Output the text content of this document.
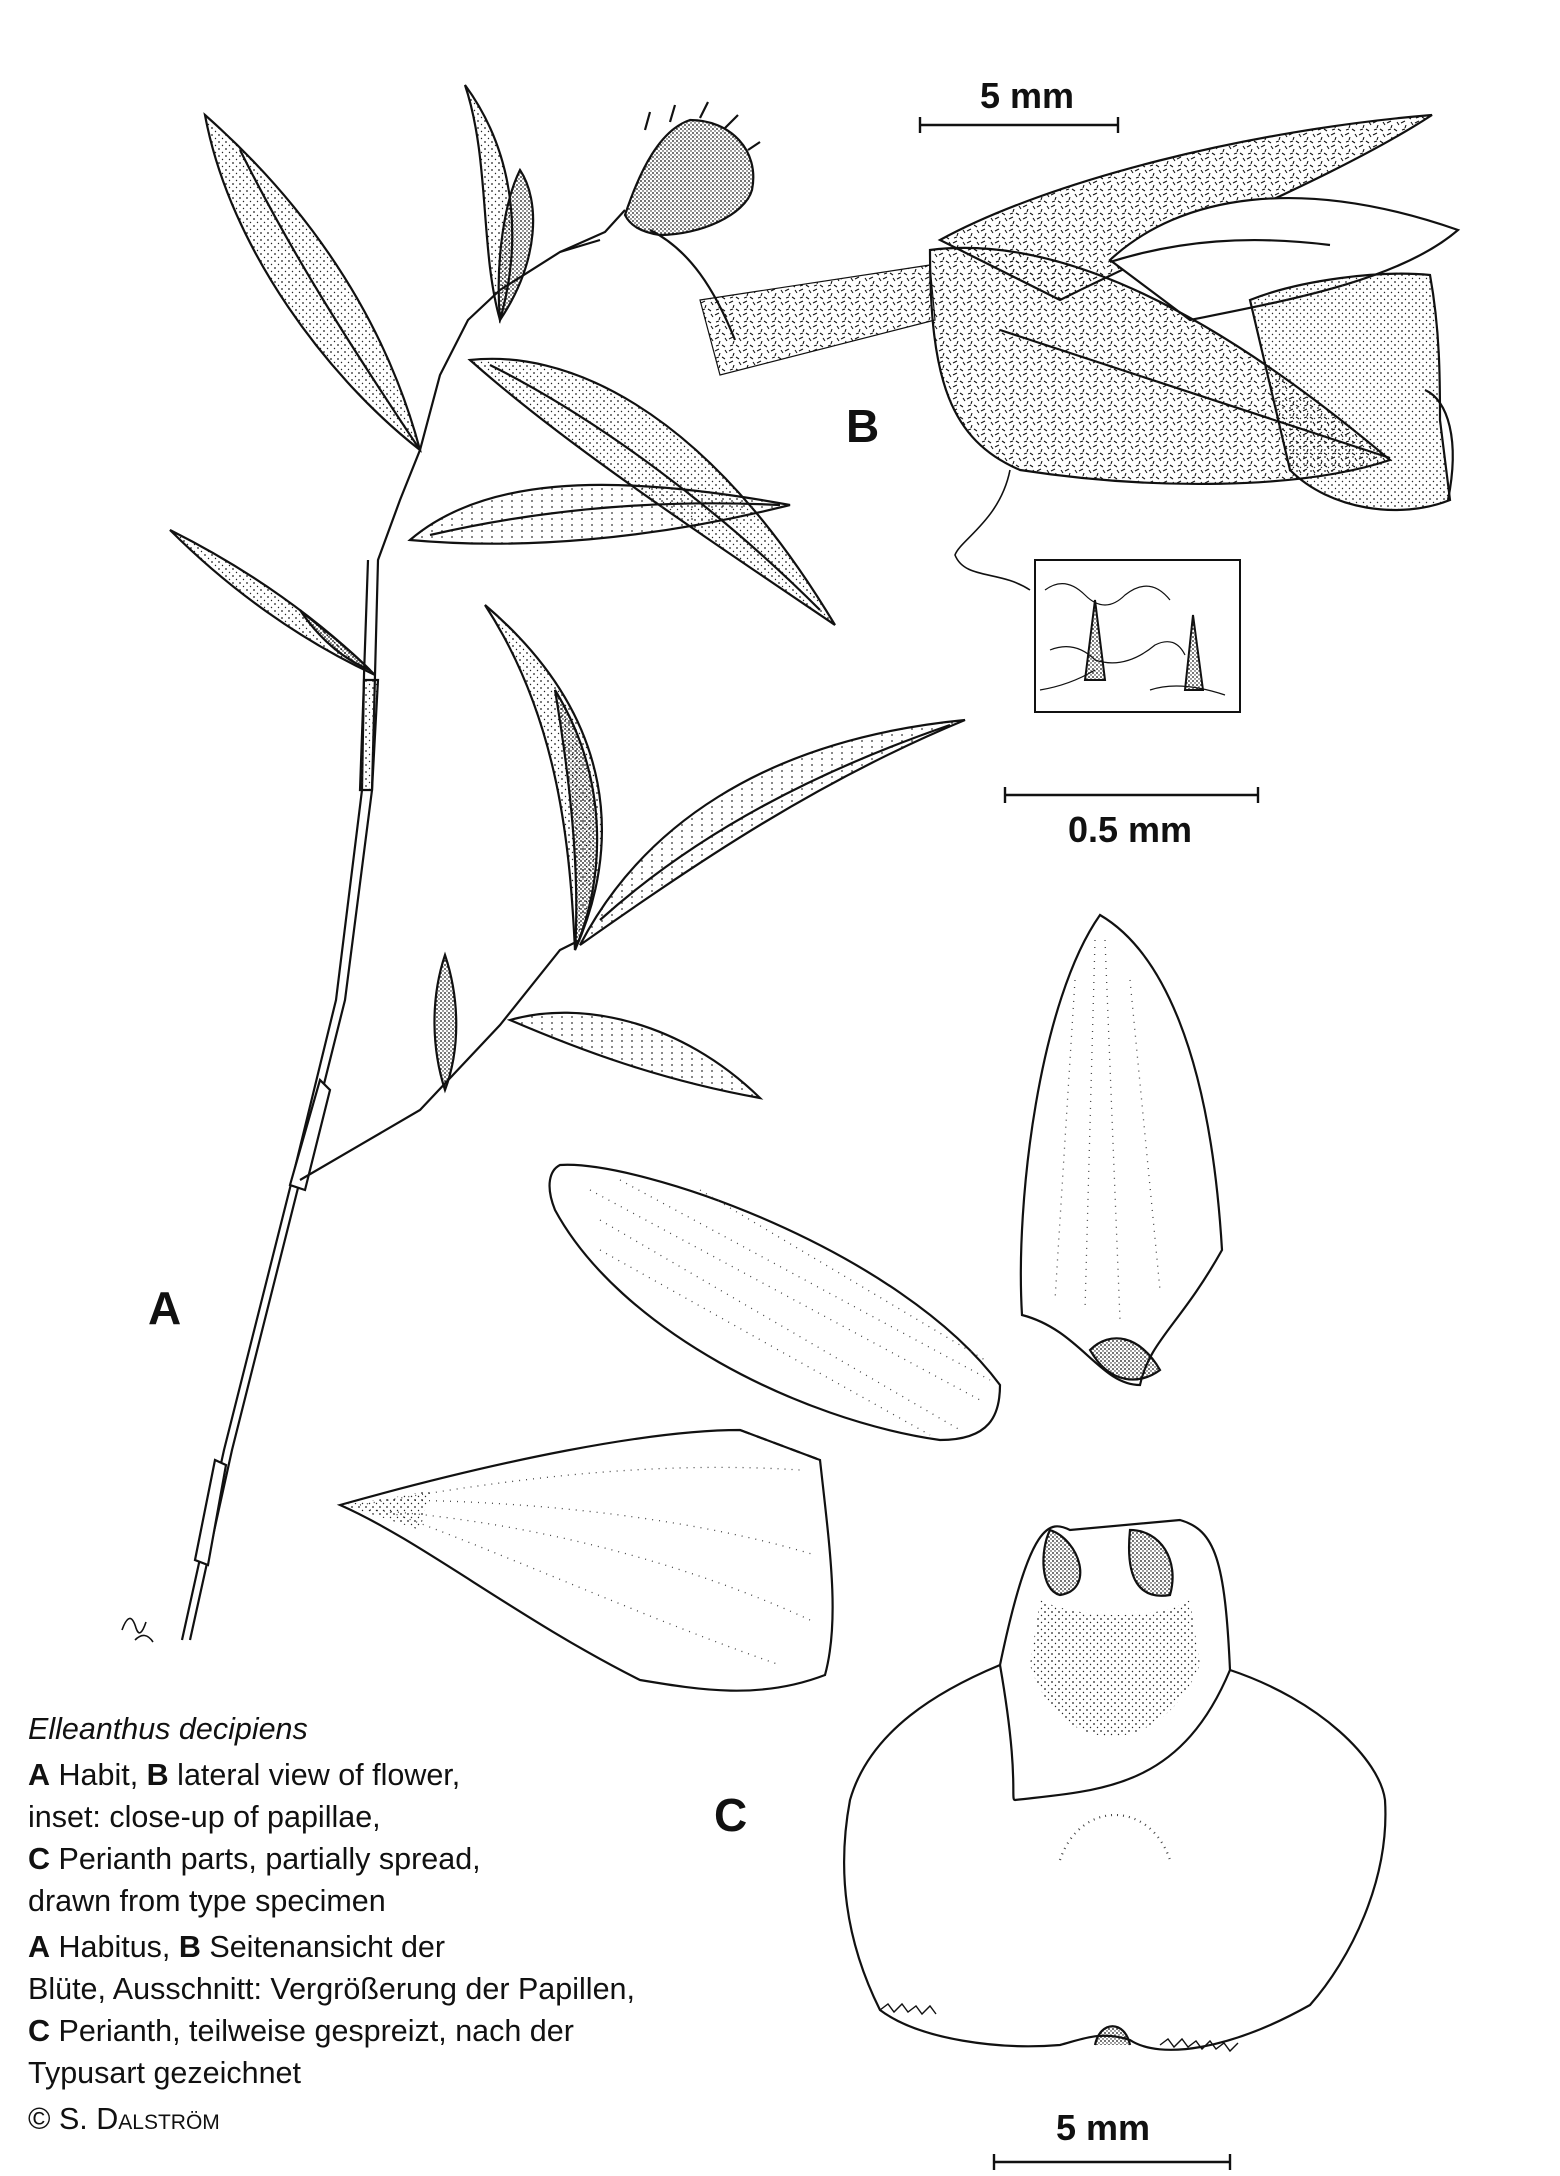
A
B
C
5 mm
0.5 mm
5 mm
Elleanthus decipiens
A Habit, B lateral view of flower,
inset: close-up of papillae,
C Perianth parts, partially spread,
drawn from type specimen
A Habitus, B Seitenansicht der
Blüte, Ausschnitt: Vergrößerung der Papillen,
C Perianth, teilweise gespreizt, nach der
Typusart gezeichnet
© S. Dalström
